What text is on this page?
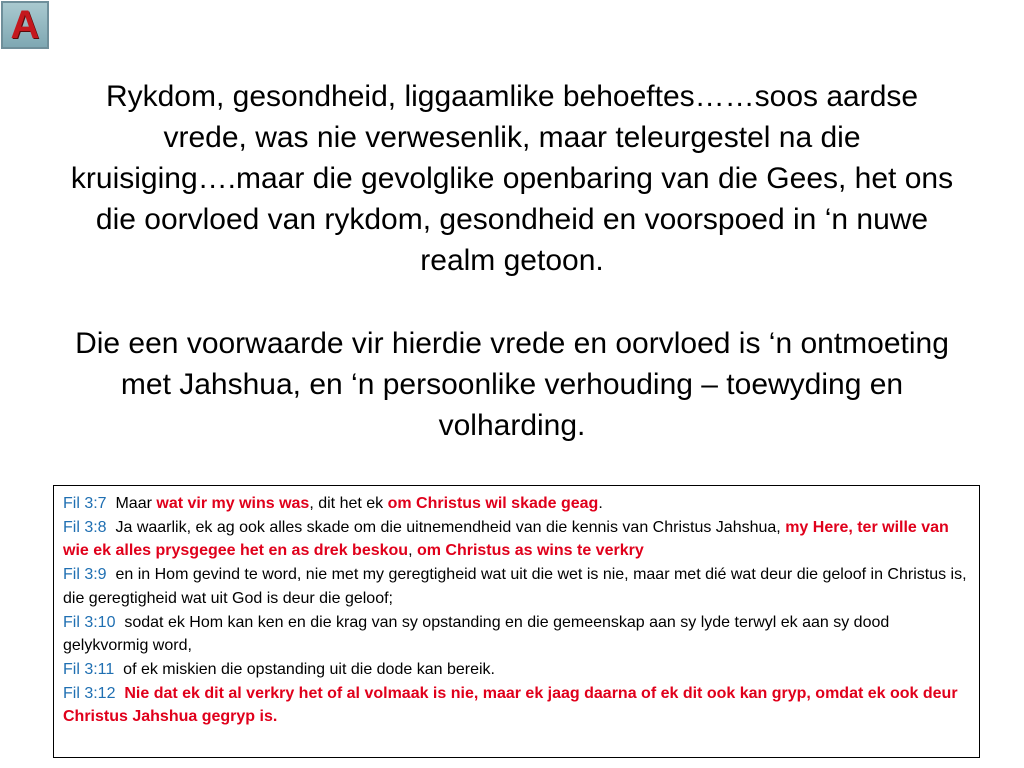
A
Rykdom, gesondheid, liggaamlike behoeftes……soos aardse vrede, was nie verwesenlik, maar teleurgestel na die kruisiging….maar die gevolglike openbaring van die Gees, het ons die oorvloed van rykdom, gesondheid en voorspoed in ‘n nuwe realm getoon.
Die een voorwaarde vir hierdie vrede en oorvloed is ‘n ontmoeting met Jahshua, en ‘n persoonlike verhouding – toewyding en volharding.
Fil 3:7 Maar wat vir my wins was, dit het ek om Christus wil skade geag.
Fil 3:8 Ja waarlik, ek ag ook alles skade om die uitnemendheid van die kennis van Christus Jahshua, my Here, ter wille van wie ek alles prysgegee het en as drek beskou, om Christus as wins te verkry
Fil 3:9 en in Hom gevind te word, nie met my geregtigheid wat uit die wet is nie, maar met dié wat deur die geloof in Christus is, die geregtigheid wat uit God is deur die geloof;
Fil 3:10 sodat ek Hom kan ken en die krag van sy opstanding en die gemeenskap aan sy lyde terwyl ek aan sy dood gelykvormig word,
Fil 3:11 of ek miskien die opstanding uit die dode kan bereik.
Fil 3:12 Nie dat ek dit al verkry het of al volmaak is nie, maar ek jaag daarna of ek dit ook kan gryp, omdat ek ook deur Christus Jahshua gegryp is.
